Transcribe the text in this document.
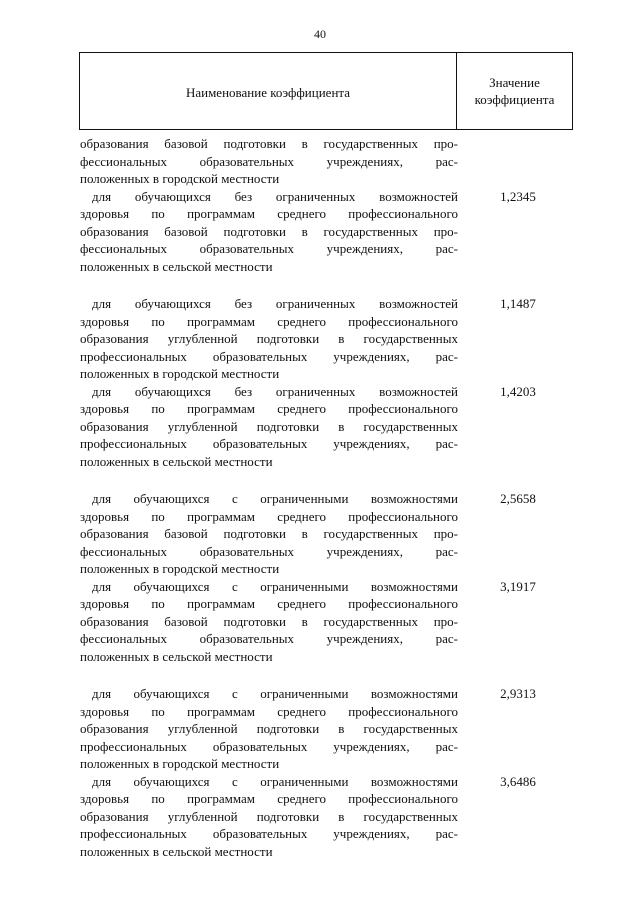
40
Наименование коэффициента
Значение
коэффициента
образования базовой подготовки в государственных про-
фессиональных образовательных учреждениях, рас-
положенных в городской местности
для обучающихся без ограниченных возможностей
здоровья по программам среднего профессионального
образования базовой подготовки в государственных про-
фессиональных образовательных учреждениях, рас-
положенных в сельской местности
1,2345
для обучающихся без ограниченных возможностей
здоровья по программам среднего профессионального
образования углубленной подготовки в государственных
профессиональных образовательных учреждениях, рас-
положенных в городской местности
1,1487
для обучающихся без ограниченных возможностей
здоровья по программам среднего профессионального
образования углубленной подготовки в государственных
профессиональных образовательных учреждениях, рас-
положенных в сельской местности
1,4203
для обучающихся с ограниченными возможностями
здоровья по программам среднего профессионального
образования базовой подготовки в государственных про-
фессиональных образовательных учреждениях, рас-
положенных в городской местности
2,5658
для обучающихся с ограниченными возможностями
здоровья по программам среднего профессионального
образования базовой подготовки в государственных про-
фессиональных образовательных учреждениях, рас-
положенных в сельской местности
3,1917
для обучающихся с ограниченными возможностями
здоровья по программам среднего профессионального
образования углубленной подготовки в государственных
профессиональных образовательных учреждениях, рас-
положенных в городской местности
2,9313
для обучающихся с ограниченными возможностями
здоровья по программам среднего профессионального
образования углубленной подготовки в государственных
профессиональных образовательных учреждениях, рас-
положенных в сельской местности
3,6486
